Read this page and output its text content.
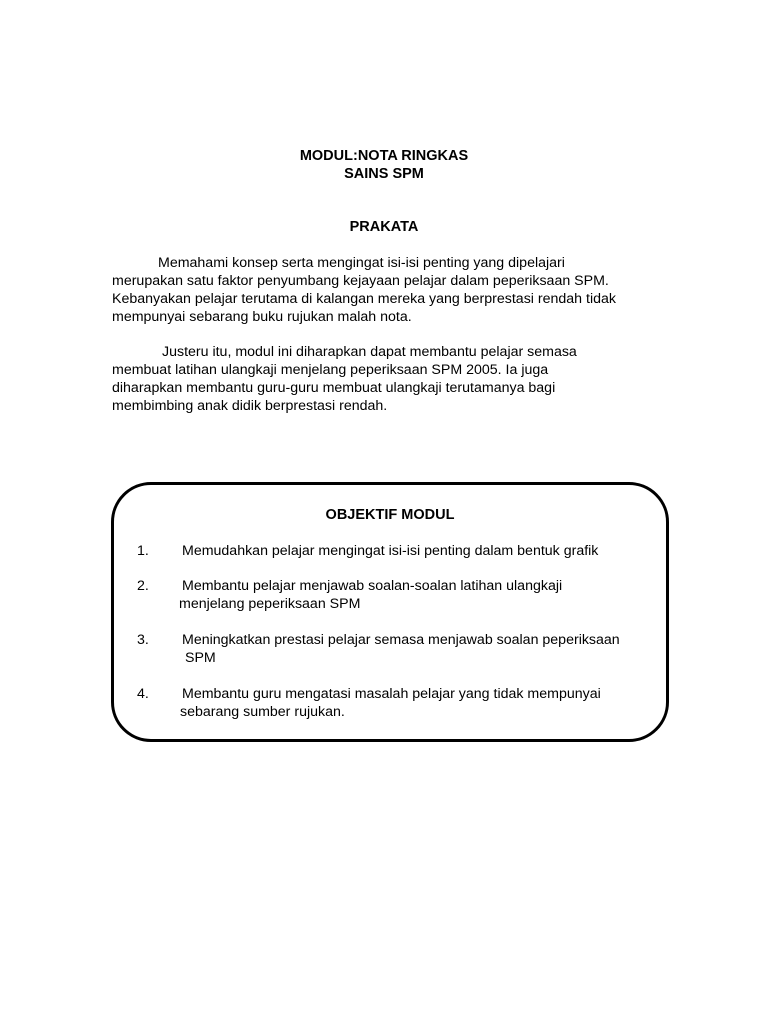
MODUL:NOTA RINGKAS
SAINS SPM
PRAKATA
Memahami konsep serta mengingat isi-isi penting yang dipelajari
merupakan satu faktor penyumbang kejayaan pelajar dalam peperiksaan SPM.
Kebanyakan pelajar terutama di kalangan mereka yang berprestasi rendah tidak
mempunyai sebarang buku rujukan malah nota.
Justeru itu, modul ini diharapkan dapat membantu pelajar semasa
membuat latihan ulangkaji menjelang peperiksaan SPM 2005. Ia juga
diharapkan membantu guru-guru membuat ulangkaji terutamanya bagi
membimbing anak didik berprestasi rendah.
OBJEKTIF MODUL
1. Memudahkan pelajar mengingat isi-isi penting dalam bentuk grafik
2. Membantu pelajar menjawab soalan-soalan latihan ulangkaji
menjelang peperiksaan SPM
3. Meningkatkan prestasi pelajar semasa menjawab soalan peperiksaan
SPM
4. Membantu guru mengatasi masalah pelajar yang tidak mempunyai
sebarang sumber rujukan.
